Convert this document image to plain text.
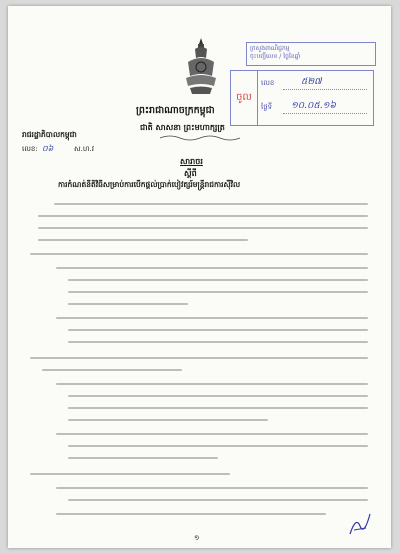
ក្រសួងពាណិជ្ជកម្ម
ចុះបញ្ជីលេខ / ថ្ងៃខែឆ្នាំ
ចូល
លេខ	៥២៧
ថ្ងៃទី ១០.០៥.១៦
ព្រះរាជាណាចក្រកម្ពុជា
ជាតិ សាសនា ព្រះមហាក្សត្រ
រាជរដ្ឋាភិបាលកម្ពុជា
លេខ: ០៦	ស.ហ.វ
សារាចរ
ស្តីពី
ការកំណត់នីតិវិធីសម្រាប់ការបើកផ្តល់ប្រាក់បៀវត្សរ៍មន្ត្រីរាជការស៊ីវិល
១
